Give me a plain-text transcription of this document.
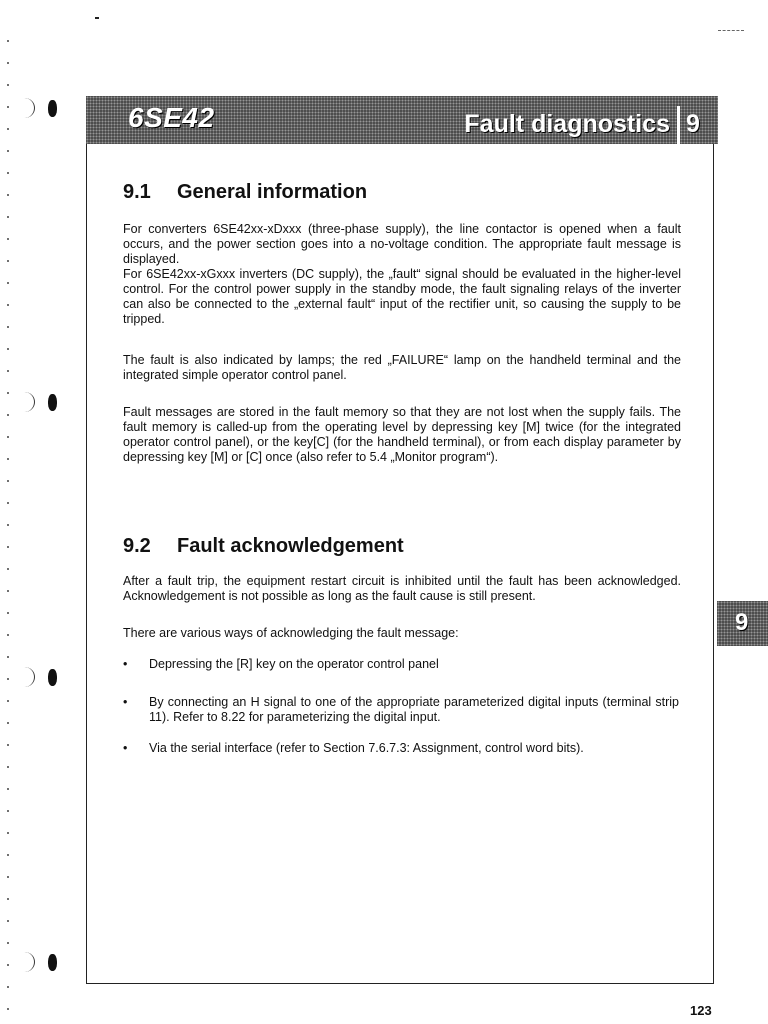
6SE42	Fault diagnostics 9
9
9.1	General information

For converters 6SE42xx-xDxxx (three-phase supply), the line contactor is opened when a fault occurs, and the power section goes into a no-voltage condition. The appropriate fault message is displayed.
For 6SE42xx-xGxxx inverters (DC supply), the „fault“ signal should be evaluated in the higher-level control. For the control power supply in the standby mode, the fault signaling relays of the inverter can also be connected to the „external fault“ input of the rectifier unit, so causing the supply to be tripped.

The fault is also indicated by lamps; the red „FAILURE“ lamp on the handheld terminal and the integrated simple operator control panel.

Fault messages are stored in the fault memory so that they are not lost when the supply fails. The fault memory is called-up from the operating level by depressing key [M] twice (for the integrated operator control panel), or the key[C] (for the handheld terminal), or from each display parameter by depressing key [M] or [C] once (also refer to 5.4 „Monitor program“).

9.2	Fault acknowledgement

After a fault trip, the equipment restart circuit is inhibited until the fault has been acknowledged. Acknowledgement is not possible as long as the fault cause is still present.

There are various ways of acknowledging the fault message:

• Depressing the [R] key on the operator control panel
• By connecting an H signal to one of the appropriate parameterized digital inputs (terminal strip 11). Refer to 8.22 for parameterizing the digital input.
• Via the serial interface (refer to Section 7.6.7.3: Assignment, control word bits).
123
